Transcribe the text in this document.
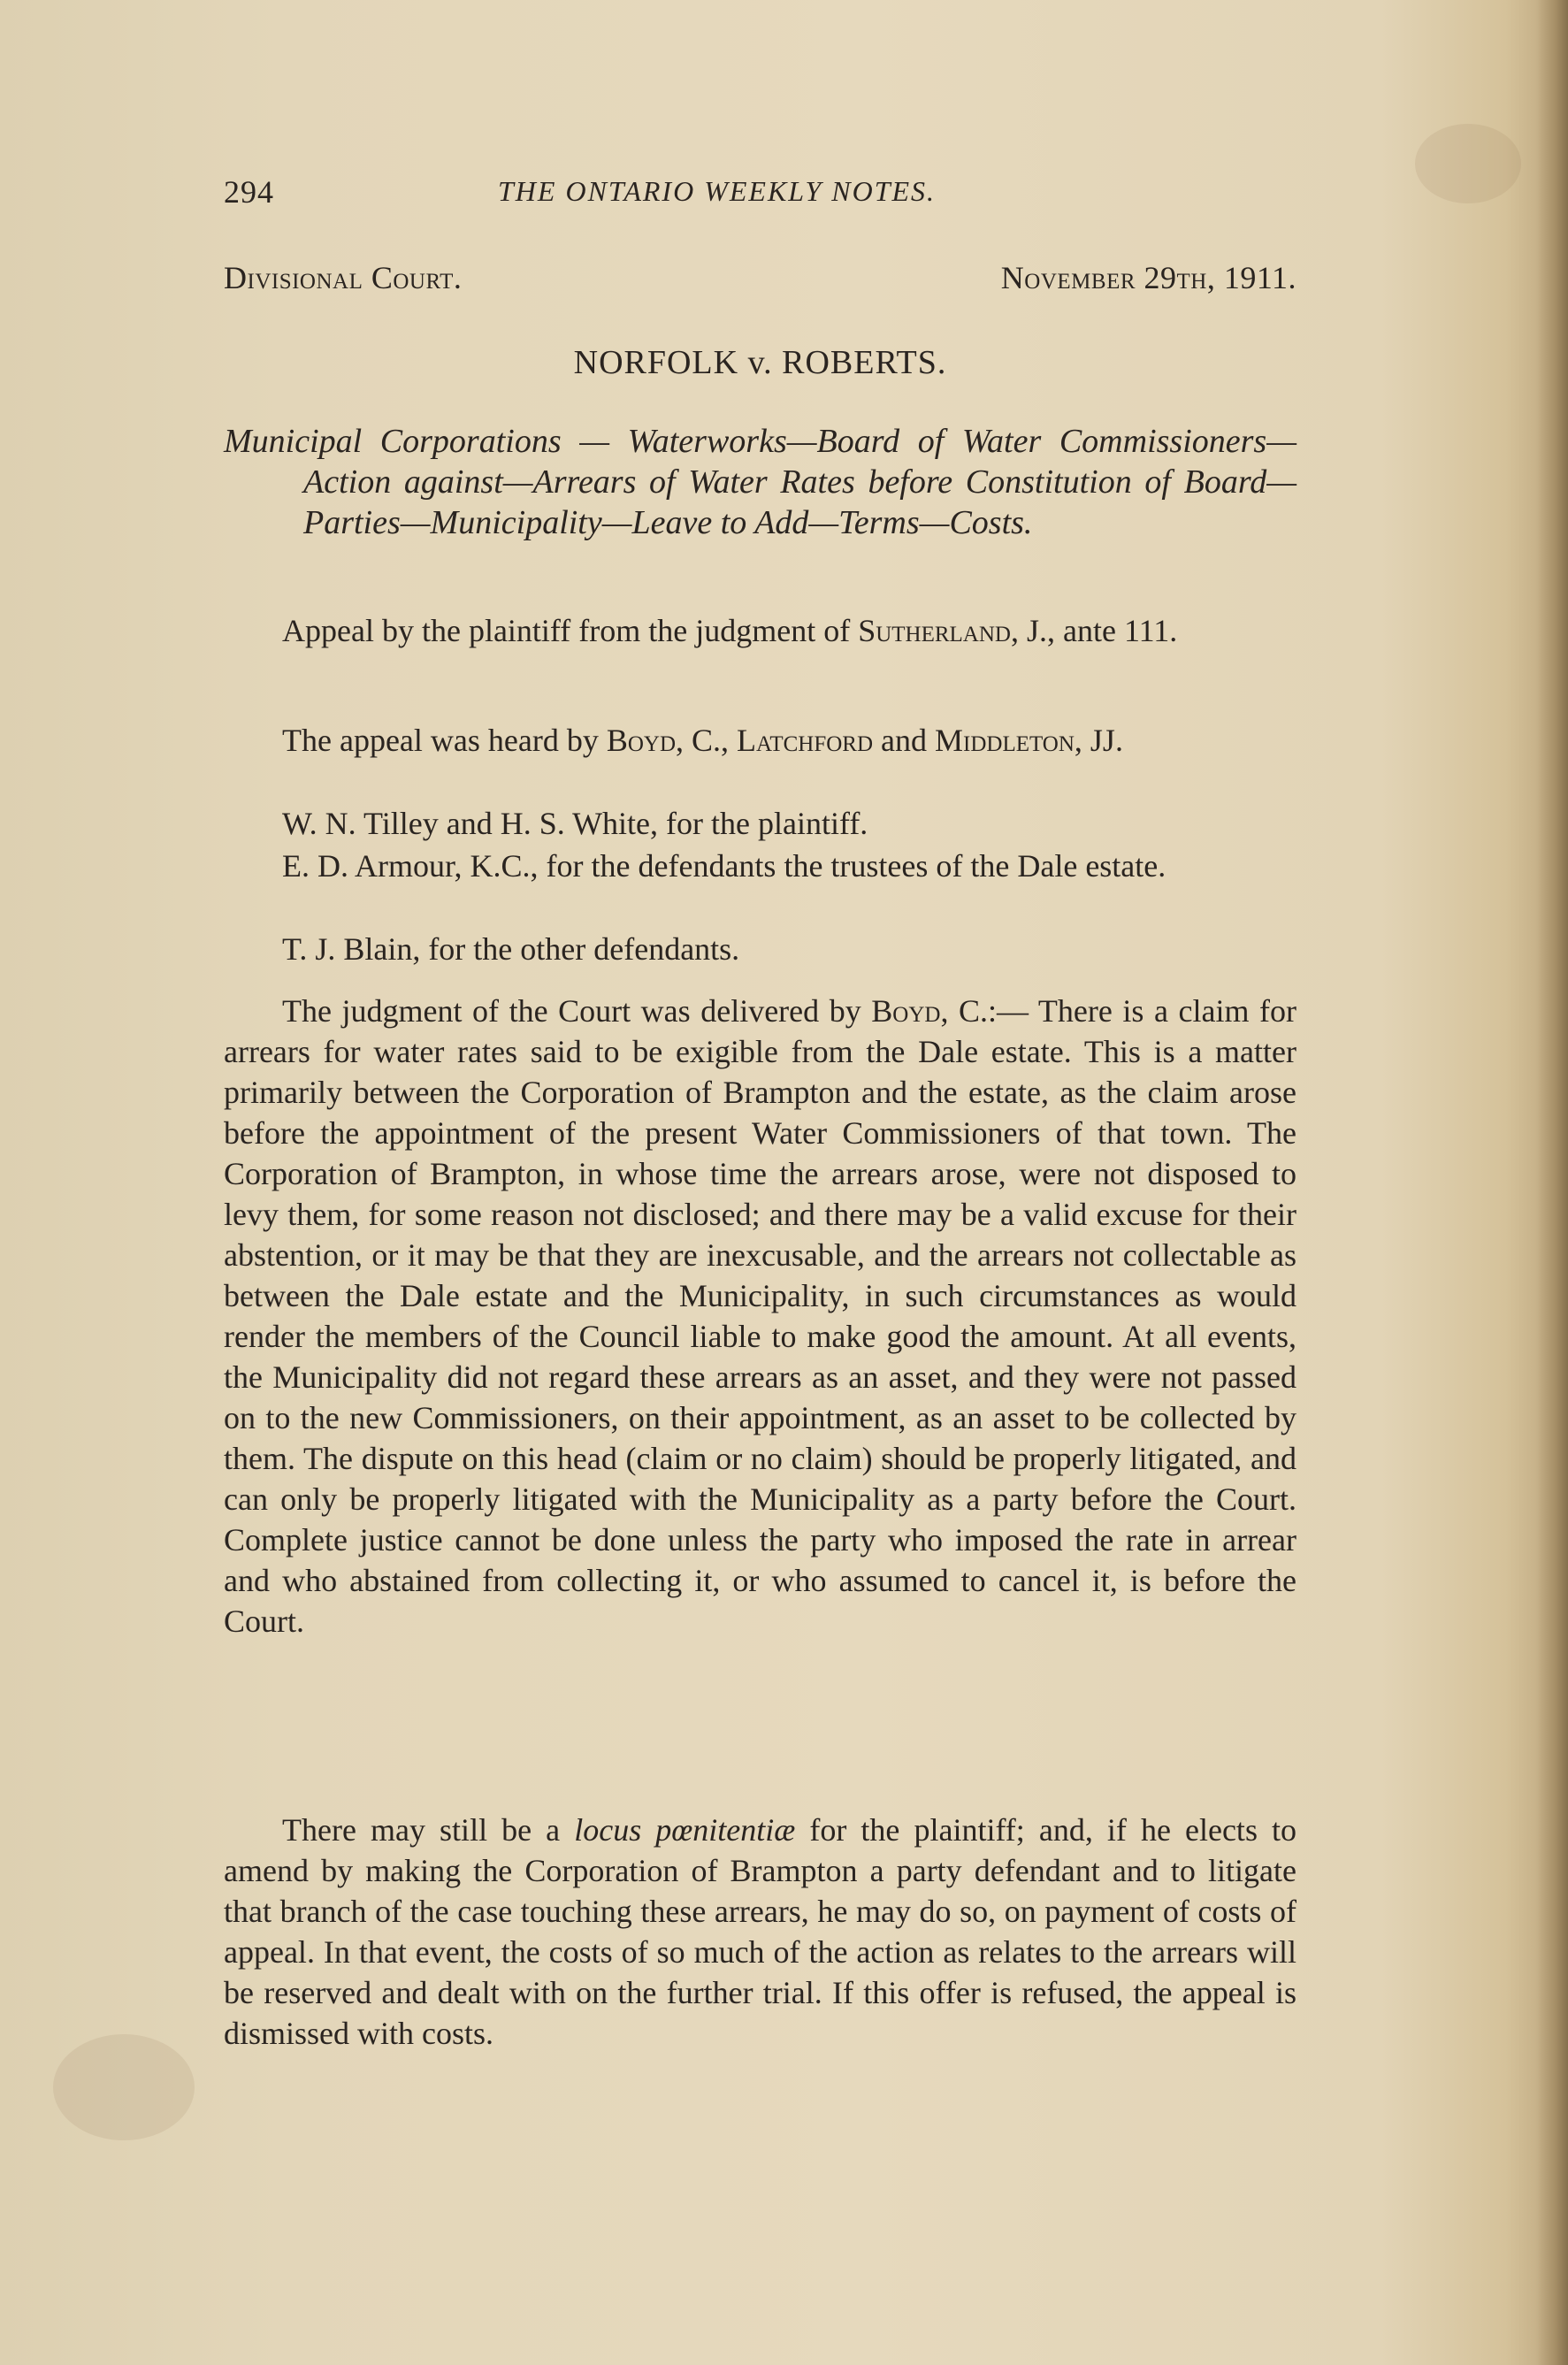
294	THE ONTARIO WEEKLY NOTES.
Divisional Court.	November 29th, 1911.
NORFOLK v. ROBERTS.
Municipal Corporations — Waterworks—Board of Water Commissioners—Action against—Arrears of Water Rates before Constitution of Board—Parties—Municipality—Leave to Add—Terms—Costs.

Appeal by the plaintiff from the judgment of Sutherland, J., ante 111.

The appeal was heard by Boyd, C., Latchford and Middleton, JJ.

W. N. Tilley and H. S. White, for the plaintiff.

E. D. Armour, K.C., for the defendants the trustees of the Dale estate.

T. J. Blain, for the other defendants.

The judgment of the Court was delivered by Boyd, C.:— There is a claim for arrears for water rates said to be exigible from the Dale estate. This is a matter primarily between the Corporation of Brampton and the estate, as the claim arose before the appointment of the present Water Commissioners of that town. The Corporation of Brampton, in whose time the arrears arose, were not disposed to levy them, for some reason not disclosed; and there may be a valid excuse for their abstention, or it may be that they are inexcusable, and the arrears not collectable as between the Dale estate and the Municipality, in such circumstances as would render the members of the Council liable to make good the amount. At all events, the Municipality did not regard these arrears as an asset, and they were not passed on to the new Commissioners, on their appointment, as an asset to be collected by them. The dispute on this head (claim or no claim) should be properly litigated, and can only be properly litigated with the Municipality as a party before the Court. Complete justice cannot be done unless the party who imposed the rate in arrear and who abstained from collecting it, or who assumed to cancel it, is before the Court.

There may still be a locus pœnitentiæ for the plaintiff; and, if he elects to amend by making the Corporation of Brampton a party defendant and to litigate that branch of the case touching these arrears, he may do so, on payment of costs of appeal. In that event, the costs of so much of the action as relates to the arrears will be reserved and dealt with on the further trial. If this offer is refused, the appeal is dismissed with costs.
